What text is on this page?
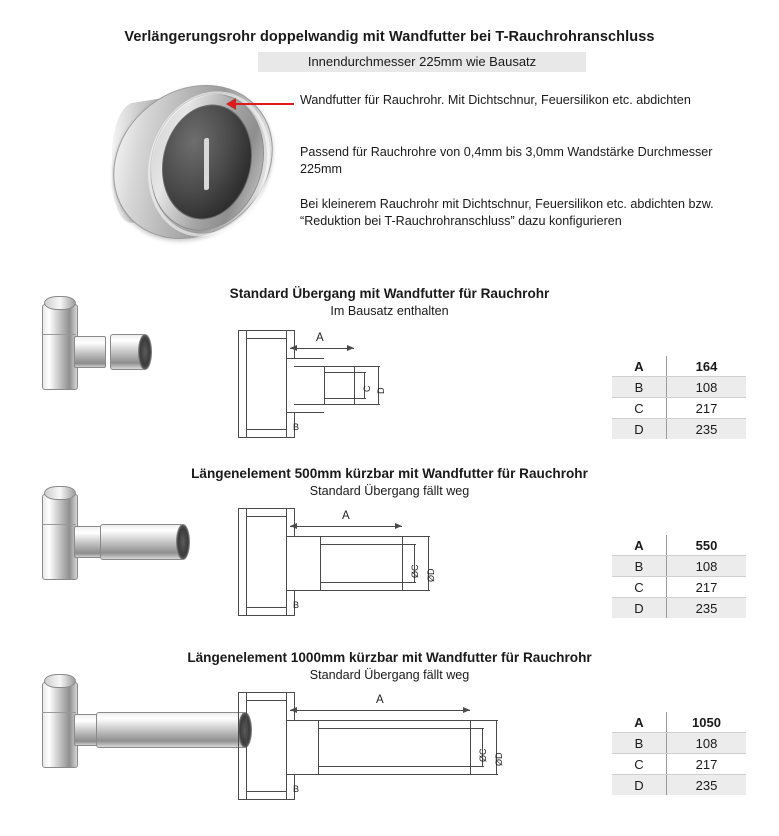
Verlängerungsrohr doppelwandig mit Wandfutter bei T-Rauchrohranschluss
Innendurchmesser 225mm wie Bausatz
Wandfutter für Rauchrohr. Mit Dichtschnur, Feuersilikon etc. abdichten
Passend für Rauchrohre von 0,4mm bis 3,0mm Wandstärke Durchmesser 225mm
Bei kleinerem Rauchrohr mit Dichtschnur, Feuersilikon etc. abdichten bzw. “Reduktion bei T-Rauchrohranschluss” dazu konfigurieren
Standard Übergang mit Wandfutter für Rauchrohr
Im Bausatz enthalten
A
B
C D
A	164
B	108
C	217
D	235
Längenelement 500mm kürzbar mit Wandfutter für Rauchrohr
Standard Übergang fällt weg
A
B
ØC ØD
A	550
B	108
C	217
D	235
Längenelement 1000mm kürzbar mit Wandfutter für Rauchrohr
Standard Übergang fällt weg
A
B
ØC ØD
A	1050
B	108
C	217
D	235
